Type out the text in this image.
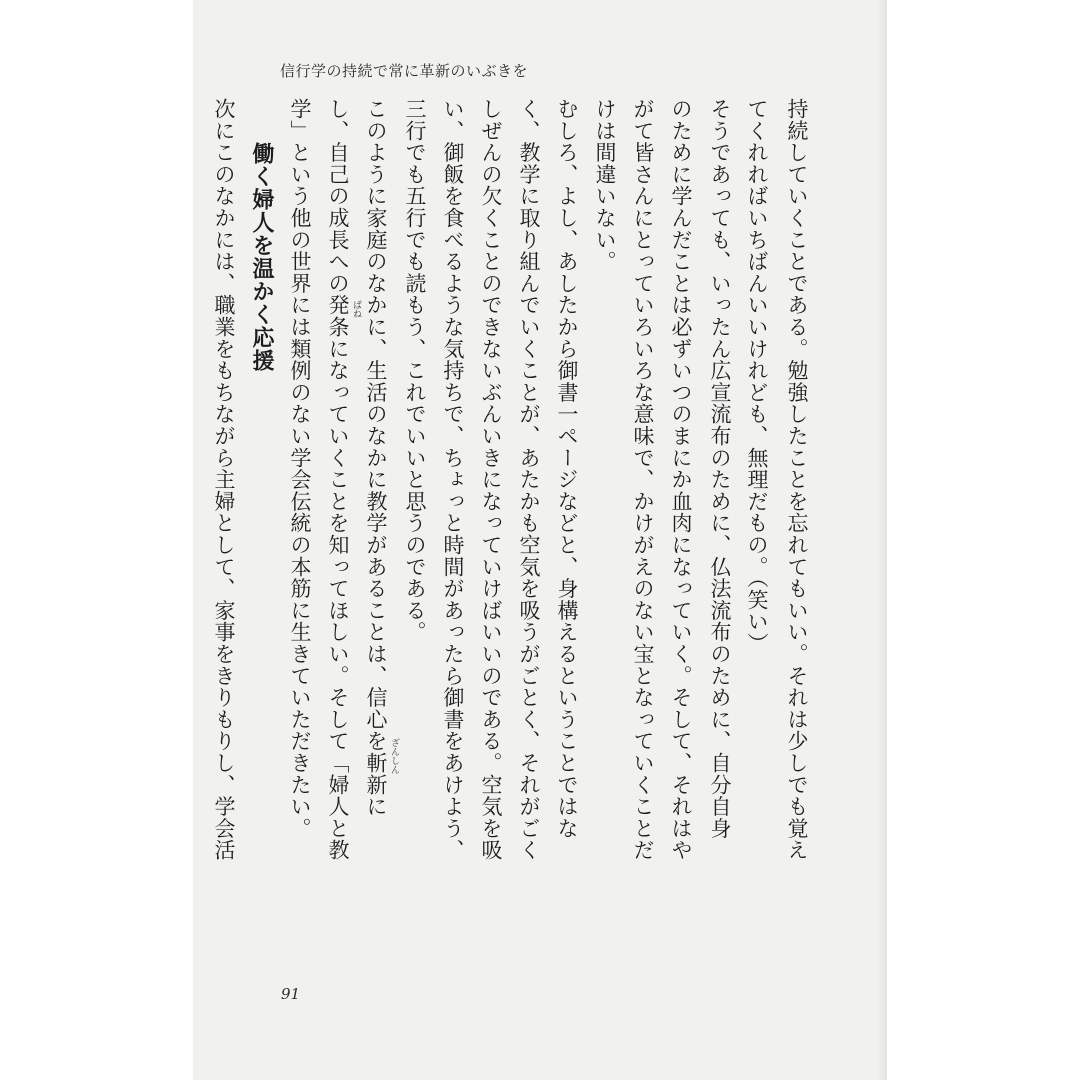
信行学の持続で常に革新のいぶきを
持続していくことである。勉強したことを忘れてもいい。それは少しでも覚え
てくれればいちばんいいけれども、無理だもの。（笑い）
そうであっても、いったん広宣流布のために、仏法流布のために、自分自身
のために学んだことは必ずいつのまにか血肉になっていく。そして、それはや
がて皆さんにとっていろいろな意味で、かけがえのない宝となっていくことだ
けは間違いない。
むしろ、よし、あしたから御書一ページなどと、身構えるということではな
く、教学に取り組んでいくことが、あたかも空気を吸うがごとく、それがごく
しぜんの欠くことのできないぶんいきになっていけばいいのである。空気を吸
い、御飯を食べるような気持ちで、ちょっと時間があったら御書をあけよう、
三行でも五行でも読もう、これでいいと思うのである。
このように家庭のなかに、生活のなかに教学があることは、信心を斬新に
し、自己の成長への発条になっていくことを知ってほしい。そして「婦人と教
学」という他の世界には類例のない学会伝統の本筋に生きていただきたい。
働く婦人を温かく応援
次にこのなかには、職業をもちながら主婦として、家事をきりもりし、学会活	ざんしん
ばね
91
